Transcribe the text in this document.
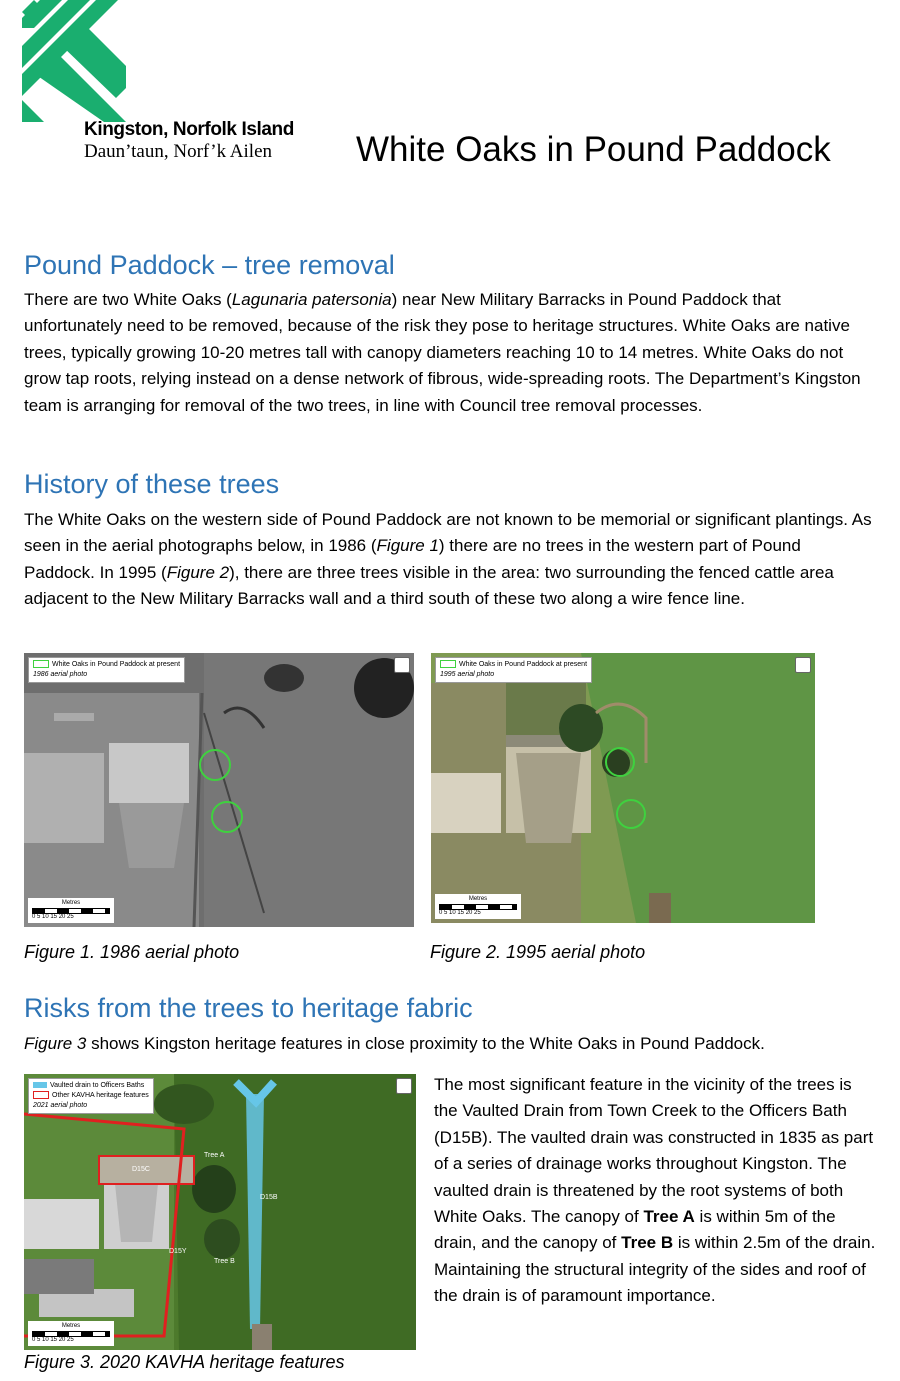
Kingston, Norfolk Island
Daun’taun, Norf’k Ailen White Oaks in Pound Paddock
Pound Paddock – tree removal

There are two White Oaks (Lagunaria patersonia) near New Military Barracks in Pound Paddock that unfortunately need to be removed, because of the risk they pose to heritage structures. White Oaks are native trees, typically growing 10-20 metres tall with canopy diameters reaching 10 to 14 metres. White Oaks do not grow tap roots, relying instead on a dense network of fibrous, wide-spreading roots. The Department’s Kingston team is arranging for removal of the two trees, in line with Council tree removal processes.

History of these trees

The White Oaks on the western side of Pound Paddock are not known to be memorial or significant plantings. As seen in the aerial photographs below, in 1986 (Figure 1) there are no trees in the western part of Pound Paddock. In 1995 (Figure 2), there are three trees visible in the area: two surrounding the fenced cattle area adjacent to the New Military Barracks wall and a third south of these two along a wire fence line.

White Oaks in Pound Paddock at present
1986 aerial photo
Metres
0 5 10 15 20 25
White Oaks in Pound Paddock at present
1995 aerial photo
Metres
0 5 10 15 20 25
Figure 1. 1986 aerial photo	Figure 2. 1995 aerial photo
Risks from the trees to heritage fabric

Figure 3 shows Kingston heritage features in close proximity to the White Oaks in Pound Paddock.

Tree A
Tree B
D15B
D15C
D15Y
Vaulted drain to Officers Baths
Other KAVHA heritage features
2021 aerial photo
Metres
0 5 10 15 20 25

The most significant feature in the vicinity of the trees is the Vaulted Drain from Town Creek to the Officers Bath (D15B). The vaulted drain was constructed in 1835 as part of a series of drainage works throughout Kingston. The vaulted drain is threatened by the root systems of both White Oaks. The canopy of Tree A is within 5m of the drain, and the canopy of Tree B is within 2.5m of the drain. Maintaining the structural integrity of the sides and roof of the drain is of paramount importance.

Figure 3. 2020 KAVHA heritage features
